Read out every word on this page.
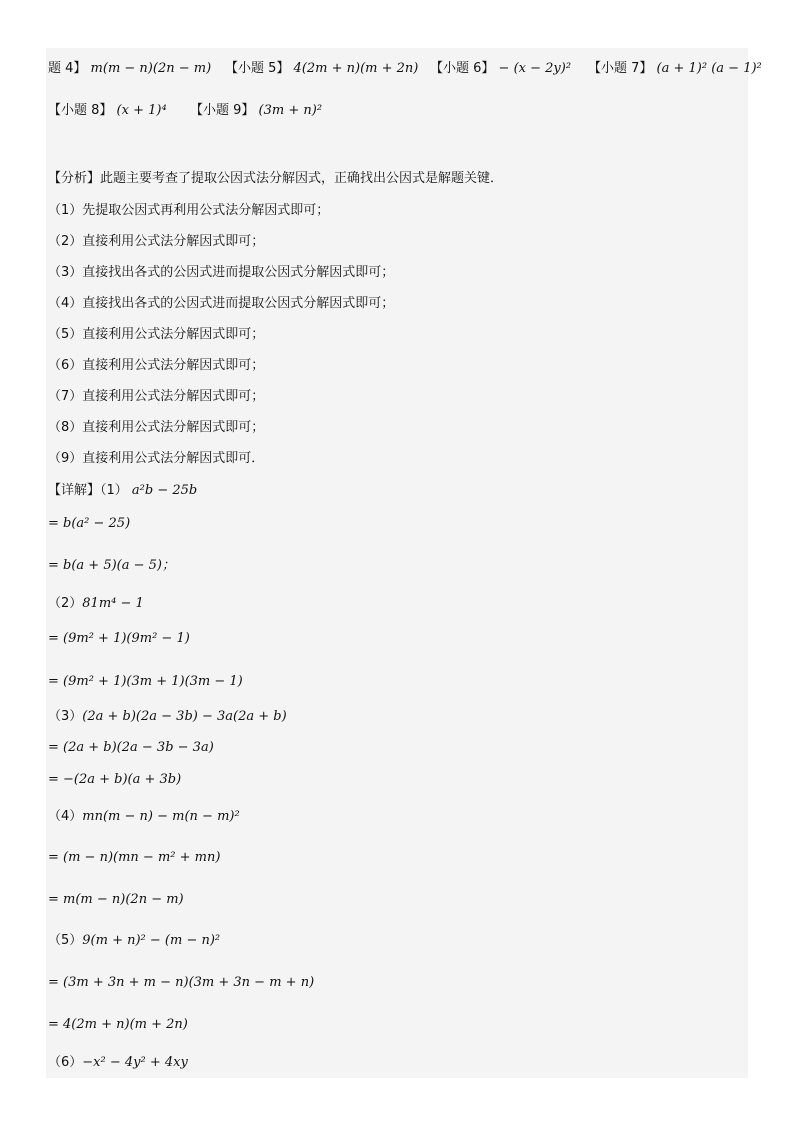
题 4】 m(m − n)(2n − m)	【小题 5】 4(2m + n)(m + 2n) 【小题 6】 − (x − 2y)²	【小题 7】 (a + 1)² (a − 1)²
【小题 8】 (x + 1)⁴	【小题 9】 (3m + n)²
【分析】此题主要考查了提取公因式法分解因式，正确找出公因式是解题关键．
（1）先提取公因式再利用公式法分解因式即可；
（2）直接利用公式法分解因式即可；
（3）直接找出各式的公因式进而提取公因式分解因式即可；
（4）直接找出各式的公因式进而提取公因式分解因式即可；
（5）直接利用公式法分解因式即可；
（6）直接利用公式法分解因式即可；
（7）直接利用公式法分解因式即可；
（8）直接利用公式法分解因式即可；
（9）直接利用公式法分解因式即可．
【详解】（1） a²b − 25b
= b(a² − 25)
= b(a + 5)(a − 5)；
（2）81m⁴ − 1
= (9m² + 1)(9m² − 1)
= (9m² + 1)(3m + 1)(3m − 1)
（3）(2a + b)(2a − 3b) − 3a(2a + b)
= (2a + b)(2a − 3b − 3a)
= −(2a + b)(a + 3b)
（4）mn(m − n) − m(n − m)²
= (m − n)(mn − m² + mn)
= m(m − n)(2n − m)
（5）9(m + n)² − (m − n)²
= (3m + 3n + m − n)(3m + 3n − m + n)
= 4(2m + n)(m + 2n)
（6）−x² − 4y² + 4xy
